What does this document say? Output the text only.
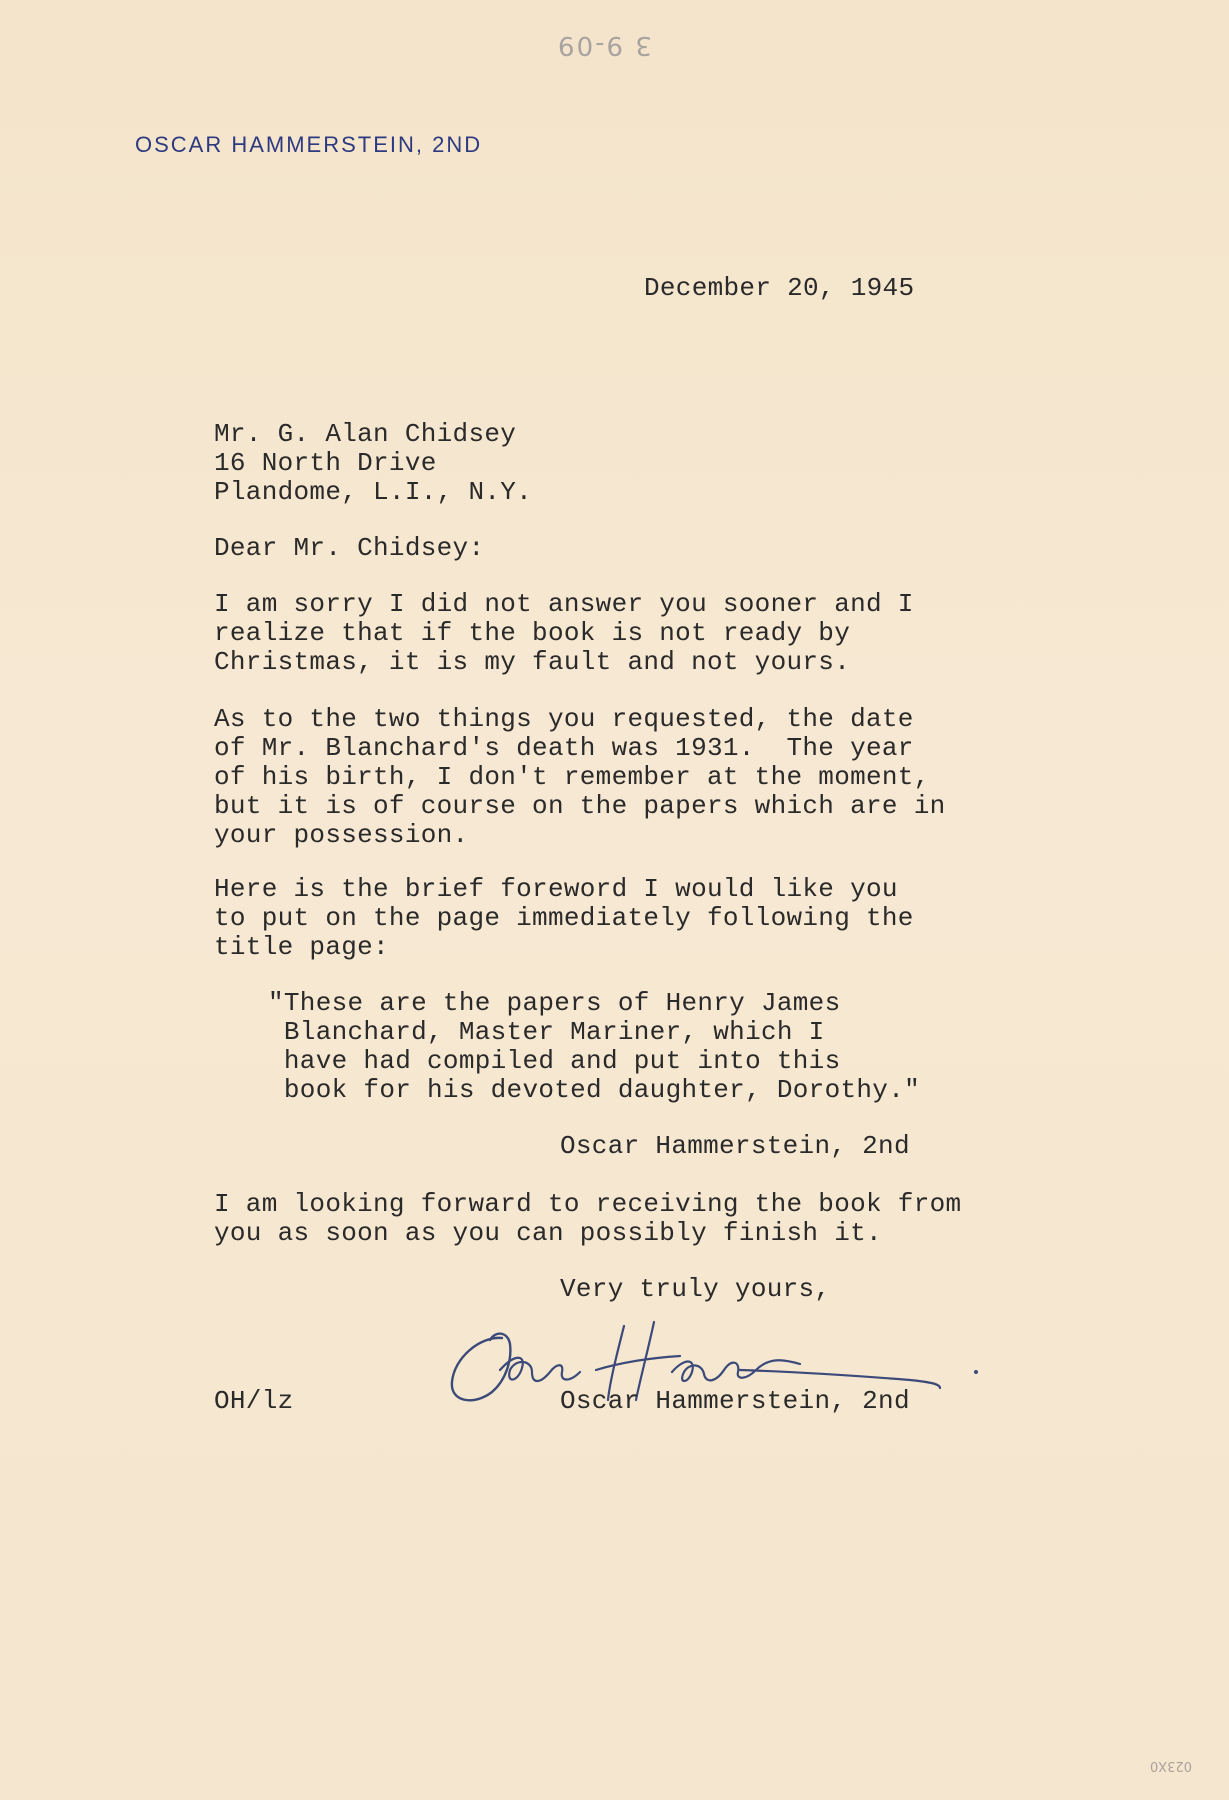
3 9-09
OSCAR HAMMERSTEIN, 2ND
December 20, 1945
Mr. G. Alan Chidsey
16 North Drive
Plandome, L.I., N.Y.
Dear Mr. Chidsey:
I am sorry I did not answer you sooner and I
realize that if the book is not ready by
Christmas, it is my fault and not yours.
As to the two things you requested, the date
of Mr. Blanchard's death was 1931.  The year
of his birth, I don't remember at the moment,
but it is of course on the papers which are in
your possession.
Here is the brief foreword I would like you
to put on the page immediately following the
title page:
"These are the papers of Henry James
Blanchard, Master Mariner, which I
have had compiled and put into this
book for his devoted daughter, Dorothy."
Oscar Hammerstein, 2nd
I am looking forward to receiving the book from
you as soon as you can possibly finish it.
Very truly yours,
OH/lz	Oscar Hammerstein, 2nd
023X0
